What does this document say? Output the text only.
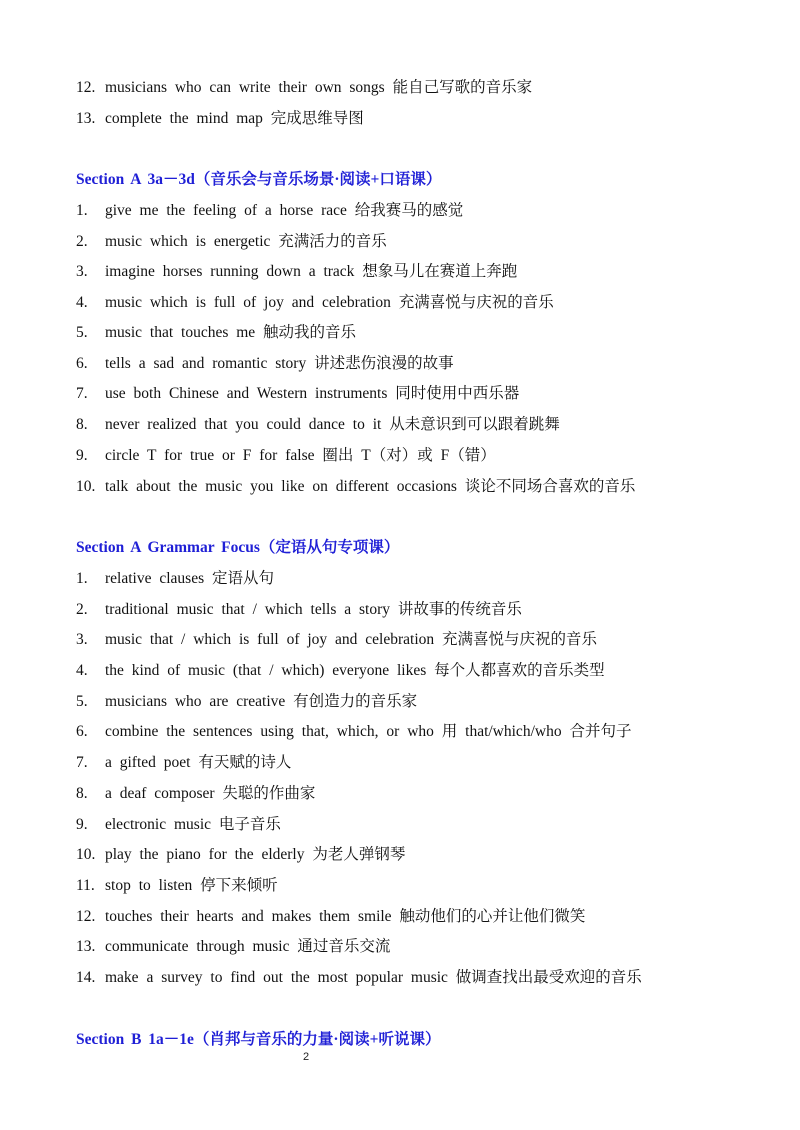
12. musicians who can write their own songs 能自己写歌的音乐家
13. complete the mind map 完成思维导图
Section A 3a－3d（音乐会与音乐场景·阅读+口语课）
1. give me the feeling of a horse race 给我赛马的感觉
2. music which is energetic 充满活力的音乐
3. imagine horses running down a track 想象马儿在赛道上奔跑
4. music which is full of joy and celebration 充满喜悦与庆祝的音乐
5. music that touches me 触动我的音乐
6. tells a sad and romantic story 讲述悲伤浪漫的故事
7. use both Chinese and Western instruments 同时使用中西乐器
8. never realized that you could dance to it 从未意识到可以跟着跳舞
9. circle T for true or F for false 圈出 T（对）或 F（错）
10. talk about the music you like on different occasions 谈论不同场合喜欢的音乐
Section A Grammar Focus（定语从句专项课）
1. relative clauses 定语从句
2. traditional music that / which tells a story 讲故事的传统音乐
3. music that / which is full of joy and celebration 充满喜悦与庆祝的音乐
4. the kind of music (that / which) everyone likes 每个人都喜欢的音乐类型
5. musicians who are creative 有创造力的音乐家
6. combine the sentences using that, which, or who 用 that/which/who 合并句子
7. a gifted poet 有天赋的诗人
8. a deaf composer 失聪的作曲家
9. electronic music 电子音乐
10. play the piano for the elderly 为老人弹钢琴
11. stop to listen 停下来倾听
12. touches their hearts and makes them smile 触动他们的心并让他们微笑
13. communicate through music 通过音乐交流
14. make a survey to find out the most popular music 做调查找出最受欢迎的音乐
Section B 1a－1e（肖邦与音乐的力量·阅读+听说课）
2
